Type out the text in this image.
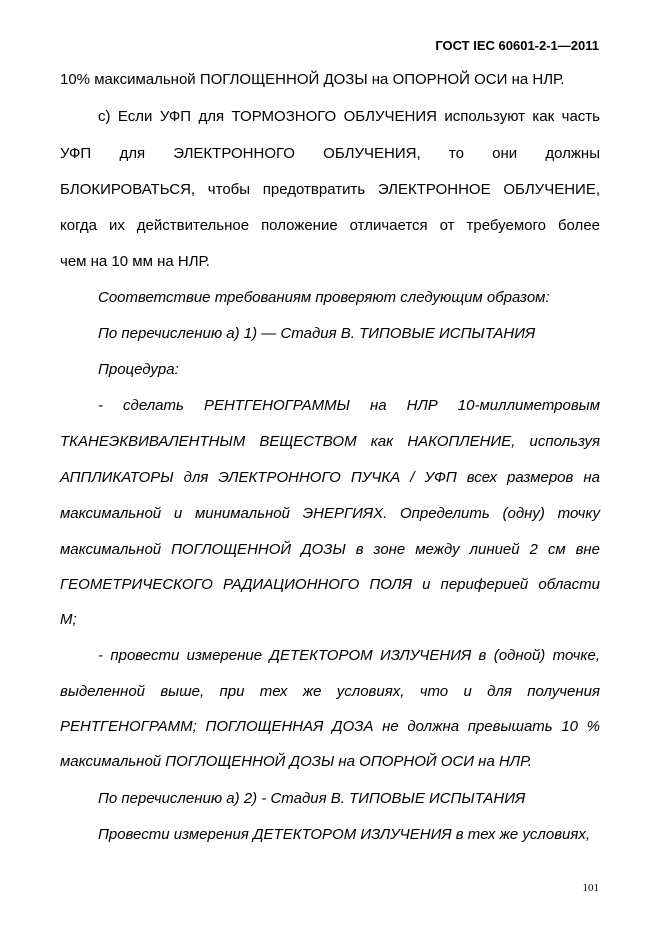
ГОСТ IEC 60601-2-1—2011
10% максимальной ПОГЛОЩЕННОЙ ДОЗЫ на ОПОРНОЙ ОСИ на НЛР.
с) Если УФП для ТОРМОЗНОГО ОБЛУЧЕНИЯ используют как часть
УФП для ЭЛЕКТРОННОГО ОБЛУЧЕНИЯ, то они должны
БЛОКИРОВАТЬСЯ, чтобы предотвратить ЭЛЕКТРОННОЕ ОБЛУЧЕНИЕ,
когда их действительное положение отличается от требуемого более
чем на 10 мм на НЛР.
Соответствие требованиям проверяют следующим образом:
По перечислению а) 1) — Стадия В. ТИПОВЫЕ ИСПЫТАНИЯ
Процедура:
- сделать РЕНТГЕНОГРАММЫ на НЛР 10-миллиметровым
ТКАНЕЭКВИВАЛЕНТНЫМ ВЕЩЕСТВОМ как НАКОПЛЕНИЕ, используя
АППЛИКАТОРЫ для ЭЛЕКТРОННОГО ПУЧКА / УФП всех размеров на
максимальной и минимальной ЭНЕРГИЯХ. Определить (одну) точку
максимальной ПОГЛОЩЕННОЙ ДОЗЫ в зоне между линией 2 см вне
ГЕОМЕТРИЧЕСКОГО РАДИАЦИОННОГО ПОЛЯ и периферией области
М;
- провести измерение ДЕТЕКТОРОМ ИЗЛУЧЕНИЯ в (одной) точке,
выделенной выше, при тех же условиях, что и для получения
РЕНТГЕНОГРАММ; ПОГЛОЩЕННАЯ ДОЗА не должна превышать 10 %
максимальной ПОГЛОЩЕННОЙ ДОЗЫ на ОПОРНОЙ ОСИ на НЛР.
По перечислению а) 2) - Стадия В. ТИПОВЫЕ ИСПЫТАНИЯ
Провести измерения ДЕТЕКТОРОМ ИЗЛУЧЕНИЯ в тех же условиях,
101
